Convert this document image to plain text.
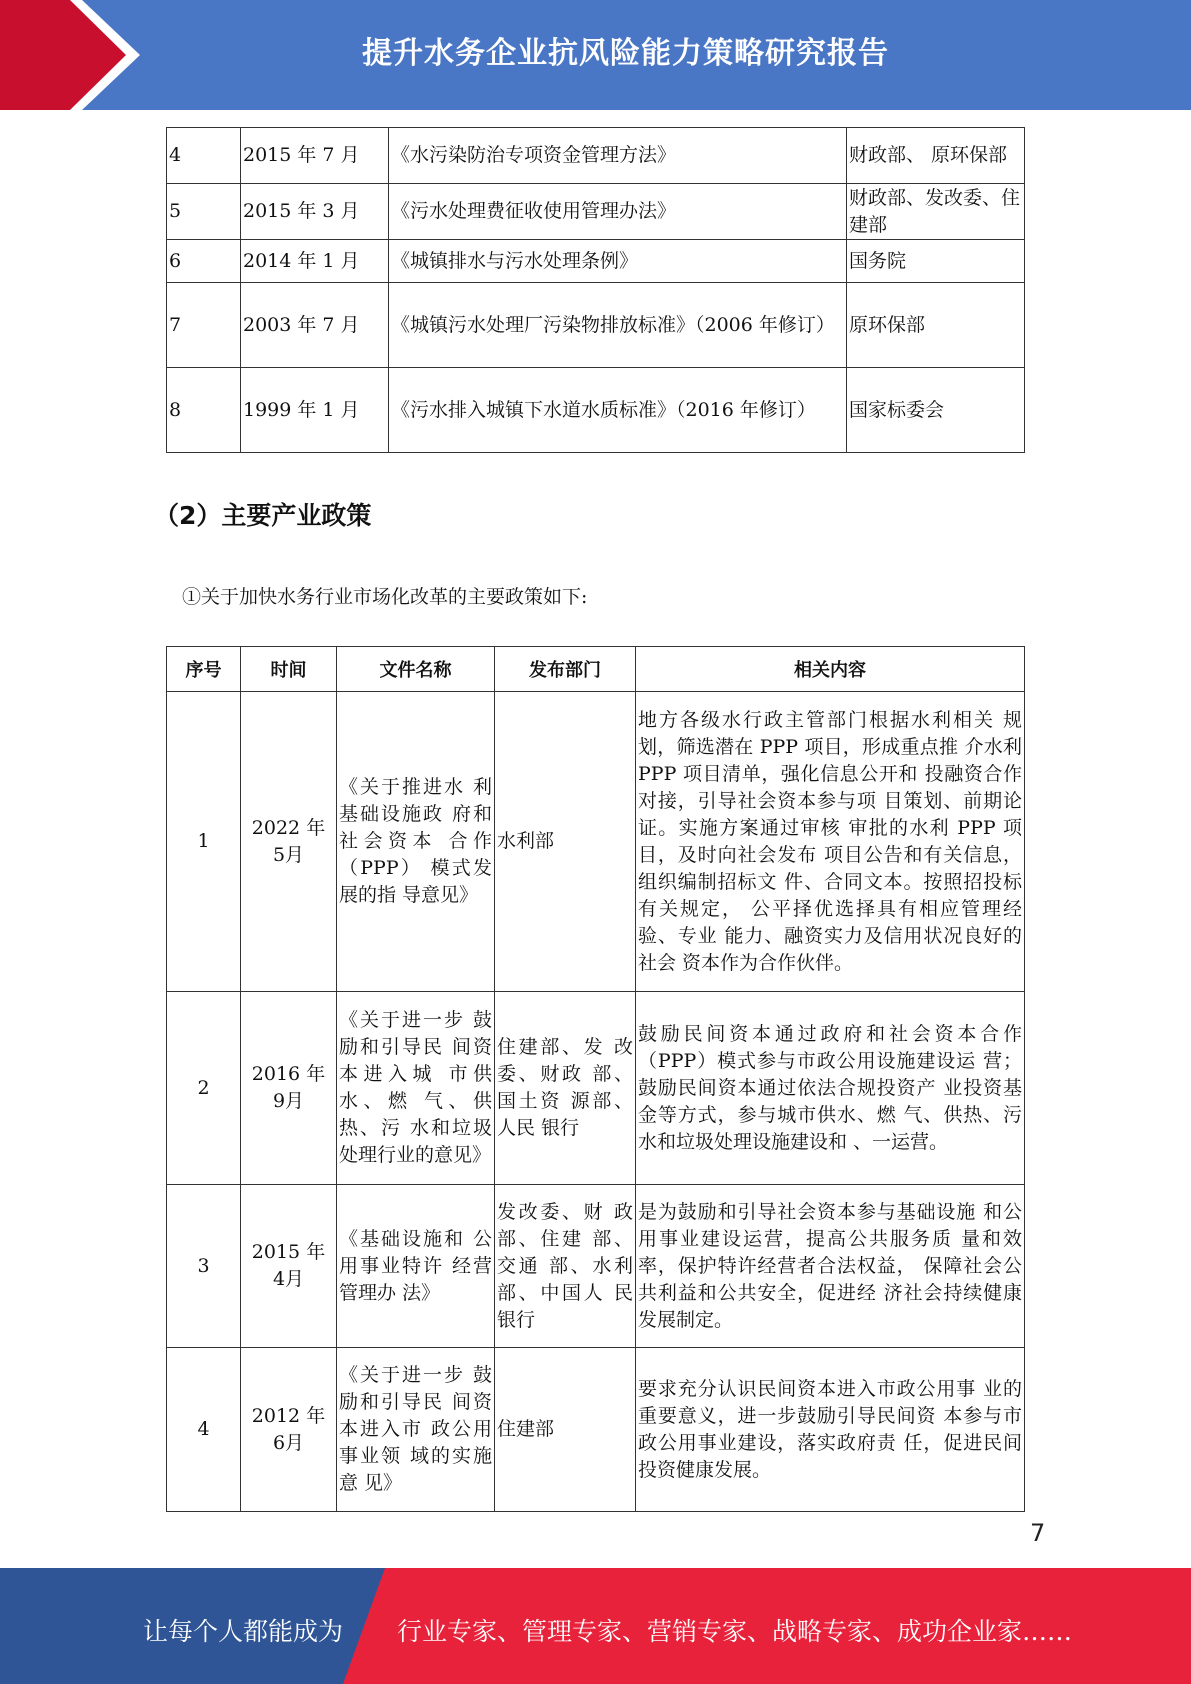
提升水务企业抗风险能力策略研究报告
4	2015 年 7 月	《水污染防治专项资金管理方法》	财政部、 原环保部
5	2015 年 3 月	《污水处理费征收使用管理办法》	财政部、发改委、住建部
6	2014 年 1 月	《城镇排水与污水处理条例》	国务院
7	2003 年 7 月	《城镇污水处理厂污染物排放标准》（2006 年修订）	原环保部
8	1999 年 1 月	《污水排入城镇下水道水质标准》（2016 年修订）	国家标委会
（2）主要产业政策
①关于加快水务行业市场化改革的主要政策如下:
序号	时间	文件名称	发布部门	相关内容
1	2022 年 5月	《关于推进水 利基础设施政 府和社会资本 合作（PPP） 模式发展的指 导意见》	水利部	地方各级水行政主管部门根据水利相关 规划，筛选潜在 PPP 项目，形成重点推 介水利 PPP 项目清单，强化信息公开和 投融资合作对接，引导社会资本参与项 目策划、前期论证。实施方案通过审核 审批的水利 PPP 项目，及时向社会发布 项目公告和有关信息，组织编制招标文 件、合同文本。按照招投标有关规定， 公平择优选择具有相应管理经验、专业 能力、融资实力及信用状况良好的社会 资本作为合作伙伴。
2	2016 年 9月	《关于进一步 鼓励和引导民 间资本进入城 市供水、燃 气、供热、污 水和垃圾处理行业的意见》	住建部、发 改委、财政 部、国土资 源部、人民 银行	鼓励民间资本通过政府和社会资本合作（PPP）模式参与市政公用设施建设运 营；鼓励民间资本通过依法合规投资产 业投资基金等方式，参与城市供水、燃 气、供热、污水和垃圾处理设施建设和 、一运营。
3	2015 年 4月	《基础设施和 公用事业特许 经营管理办 法》	发改委、财 政部、住建 部、交通 部、水利部、中国人 民银行	是为鼓励和引导社会资本参与基础设施 和公用事业建设运营，提高公共服务质 量和效率，保护特许经营者合法权益， 保障社会公共利益和公共安全，促进经 济社会持续健康发展制定。
4	2012 年 6月	《关于进一步 鼓励和引导民 间资本进入市 政公用事业领 域的实施意 见》	住建部	要求充分认识民间资本进入市政公用事 业的重要意义，进一步鼓励引导民间资 本参与市政公用事业建设，落实政府责 任，促进民间投资健康发展。
7
让每个人都能成为 行业专家、管理专家、营销专家、战略专家、成功企业家……
